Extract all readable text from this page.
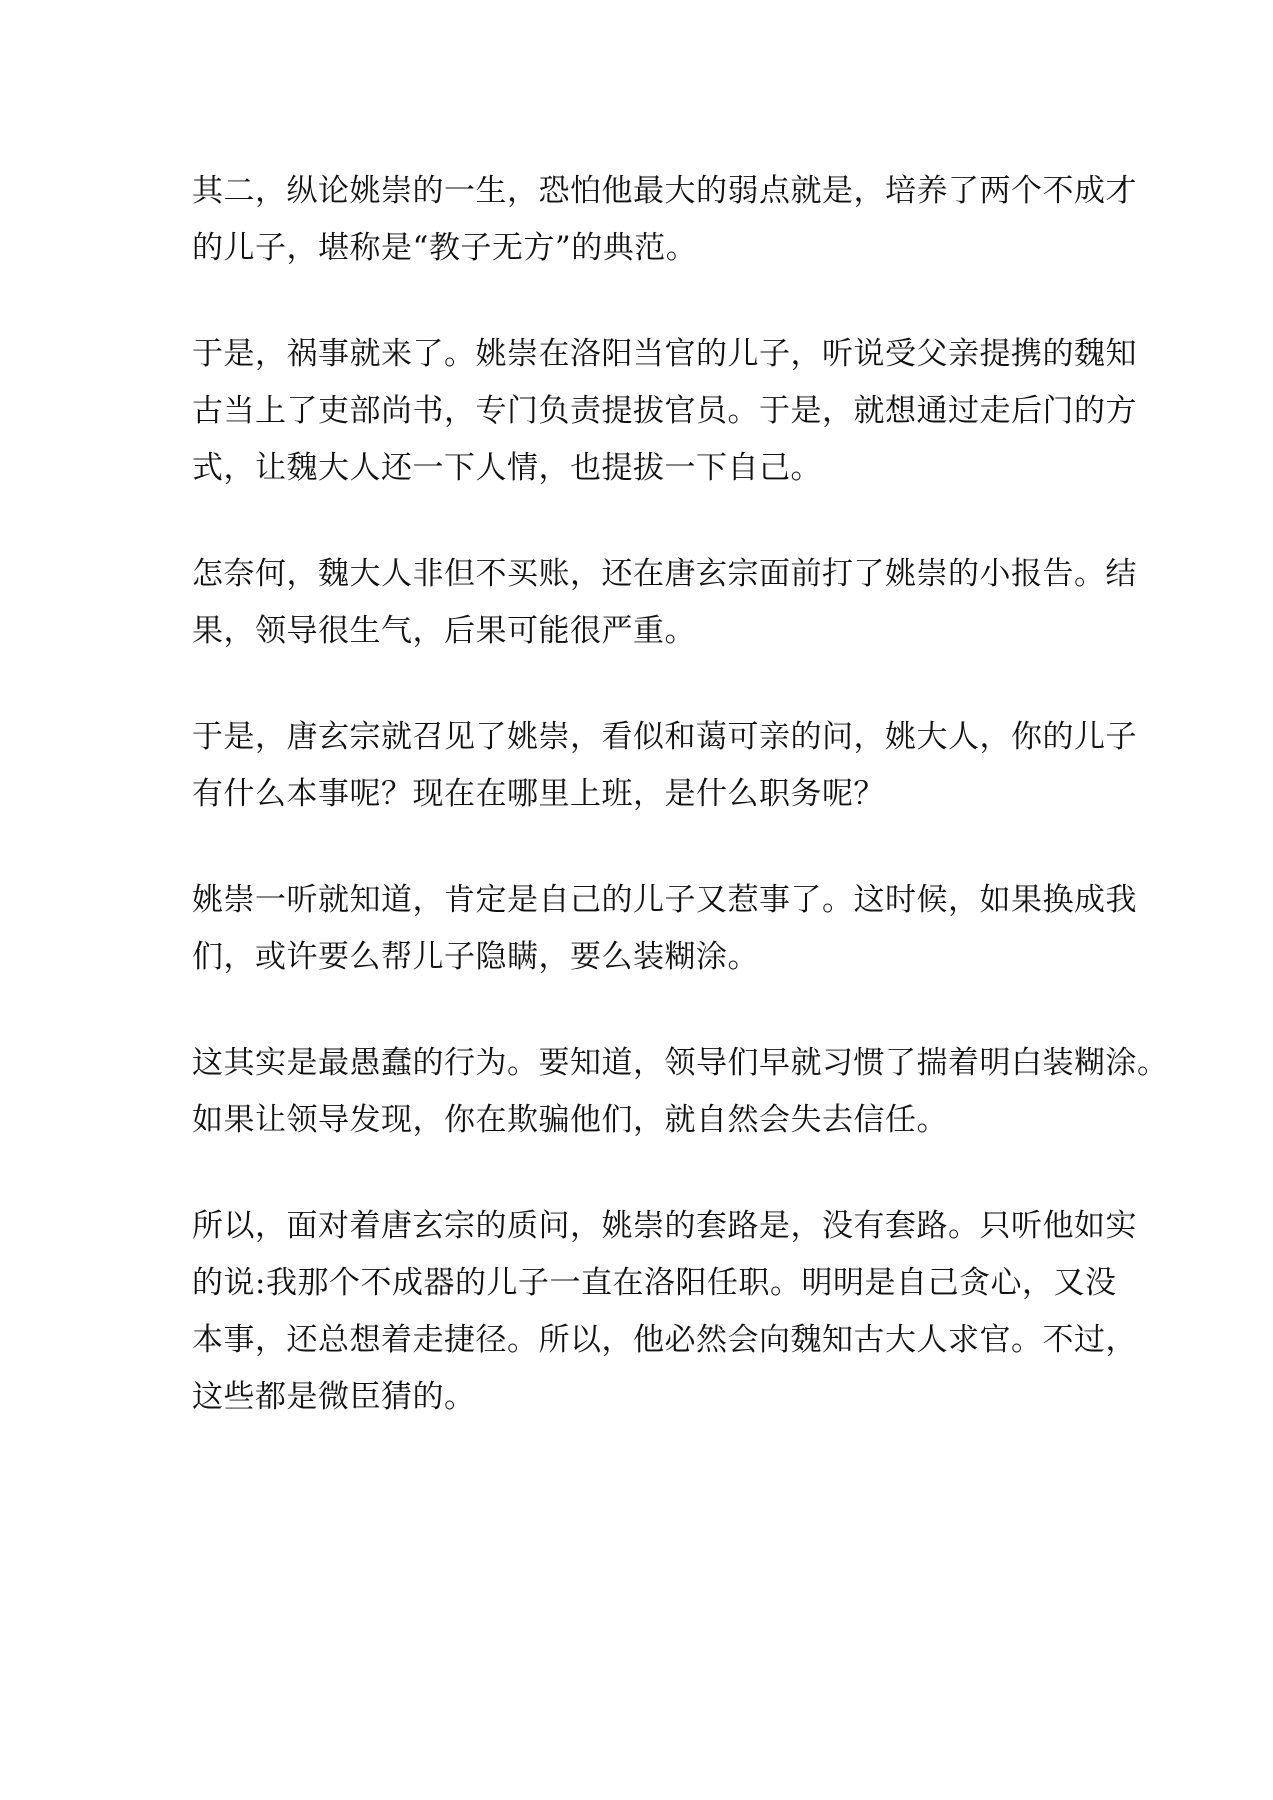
其二，纵论姚崇的一生，恐怕他最大的弱点就是，培养了两个不成才
的儿子，堪称是“教子无方”的典范。

于是，祸事就来了。姚崇在洛阳当官的儿子，听说受父亲提携的魏知
古当上了吏部尚书，专门负责提拔官员。于是，就想通过走后门的方
式，让魏大人还一下人情，也提拔一下自己。

怎奈何，魏大人非但不买账，还在唐玄宗面前打了姚崇的小报告。结
果，领导很生气，后果可能很严重。

于是，唐玄宗就召见了姚崇，看似和蔼可亲的问，姚大人，你的儿子
有什么本事呢？现在在哪里上班，是什么职务呢？

姚崇一听就知道，肯定是自己的儿子又惹事了。这时候，如果换成我
们，或许要么帮儿子隐瞒，要么装糊涂。

这其实是最愚蠢的行为。要知道，领导们早就习惯了揣着明白装糊涂。
如果让领导发现，你在欺骗他们，就自然会失去信任。

所以，面对着唐玄宗的质问，姚崇的套路是，没有套路。只听他如实
的说:我那个不成器的儿子一直在洛阳任职。明明是自己贪心，又没
本事，还总想着走捷径。所以，他必然会向魏知古大人求官。不过，
这些都是微臣猜的。
